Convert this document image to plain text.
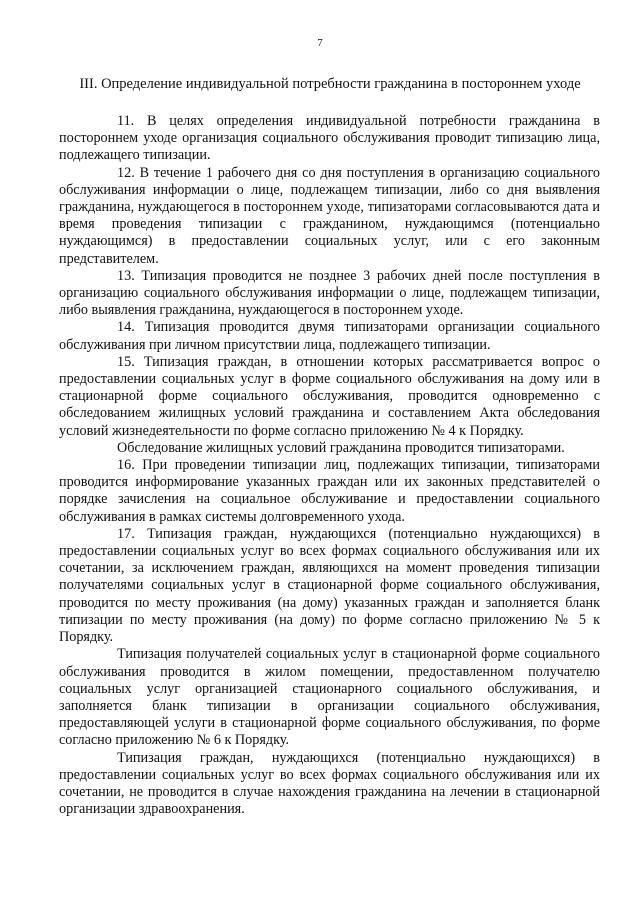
7
III. Определение индивидуальной потребности гражданина в постороннем уходе

11. В целях определения индивидуальной потребности гражданина в постороннем уходе организация социального обслуживания проводит типизацию лица, подлежащего типизации.

12. В течение 1 рабочего дня со дня поступления в организацию социального обслуживания информации о лице, подлежащем типизации, либо со дня выявления гражданина, нуждающегося в постороннем уходе, типизаторами согласовываются дата и время проведения типизации с гражданином, нуждающимся (потенциально нуждающимся) в предоставлении социальных услуг, или с его законным представителем.

13. Типизация проводится не позднее 3 рабочих дней после поступления в организацию социального обслуживания информации о лице, подлежащем типизации, либо выявления гражданина, нуждающегося в постороннем уходе.

14. Типизация проводится двумя типизаторами организации социального обслуживания при личном присутствии лица, подлежащего типизации.

15. Типизация граждан, в отношении которых рассматривается вопрос о предоставлении социальных услуг в форме социального обслуживания на дому или в стационарной форме социального обслуживания, проводится одновременно с обследованием жилищных условий гражданина и составлением Акта обследования условий жизнедеятельности по форме согласно приложению № 4 к Порядку.

Обследование жилищных условий гражданина проводится типизаторами.

16. При проведении типизации лиц, подлежащих типизации, типизаторами проводится информирование указанных граждан или их законных представителей о порядке зачисления на социальное обслуживание и предоставлении социального обслуживания в рамках системы долговременного ухода.

17. Типизация граждан, нуждающихся (потенциально нуждающихся) в предоставлении социальных услуг во всех формах социального обслуживания или их сочетании, за исключением граждан, являющихся на момент проведения типизации получателями социальных услуг в стационарной форме социального обслуживания, проводится по месту проживания (на дому) указанных граждан и заполняется бланк типизации по месту проживания (на дому) по форме согласно приложению № 5 к Порядку.

Типизация получателей социальных услуг в стационарной форме социального обслуживания проводится в жилом помещении, предоставленном получателю социальных услуг организацией стационарного социального обслуживания, и заполняется бланк типизации в организации социального обслуживания, предоставляющей услуги в стационарной форме социального обслуживания, по форме согласно приложению № 6 к Порядку.

Типизация граждан, нуждающихся (потенциально нуждающихся) в предоставлении социальных услуг во всех формах социального обслуживания или их сочетании, не проводится в случае нахождения гражданина на лечении в стационарной организации здравоохранения.
